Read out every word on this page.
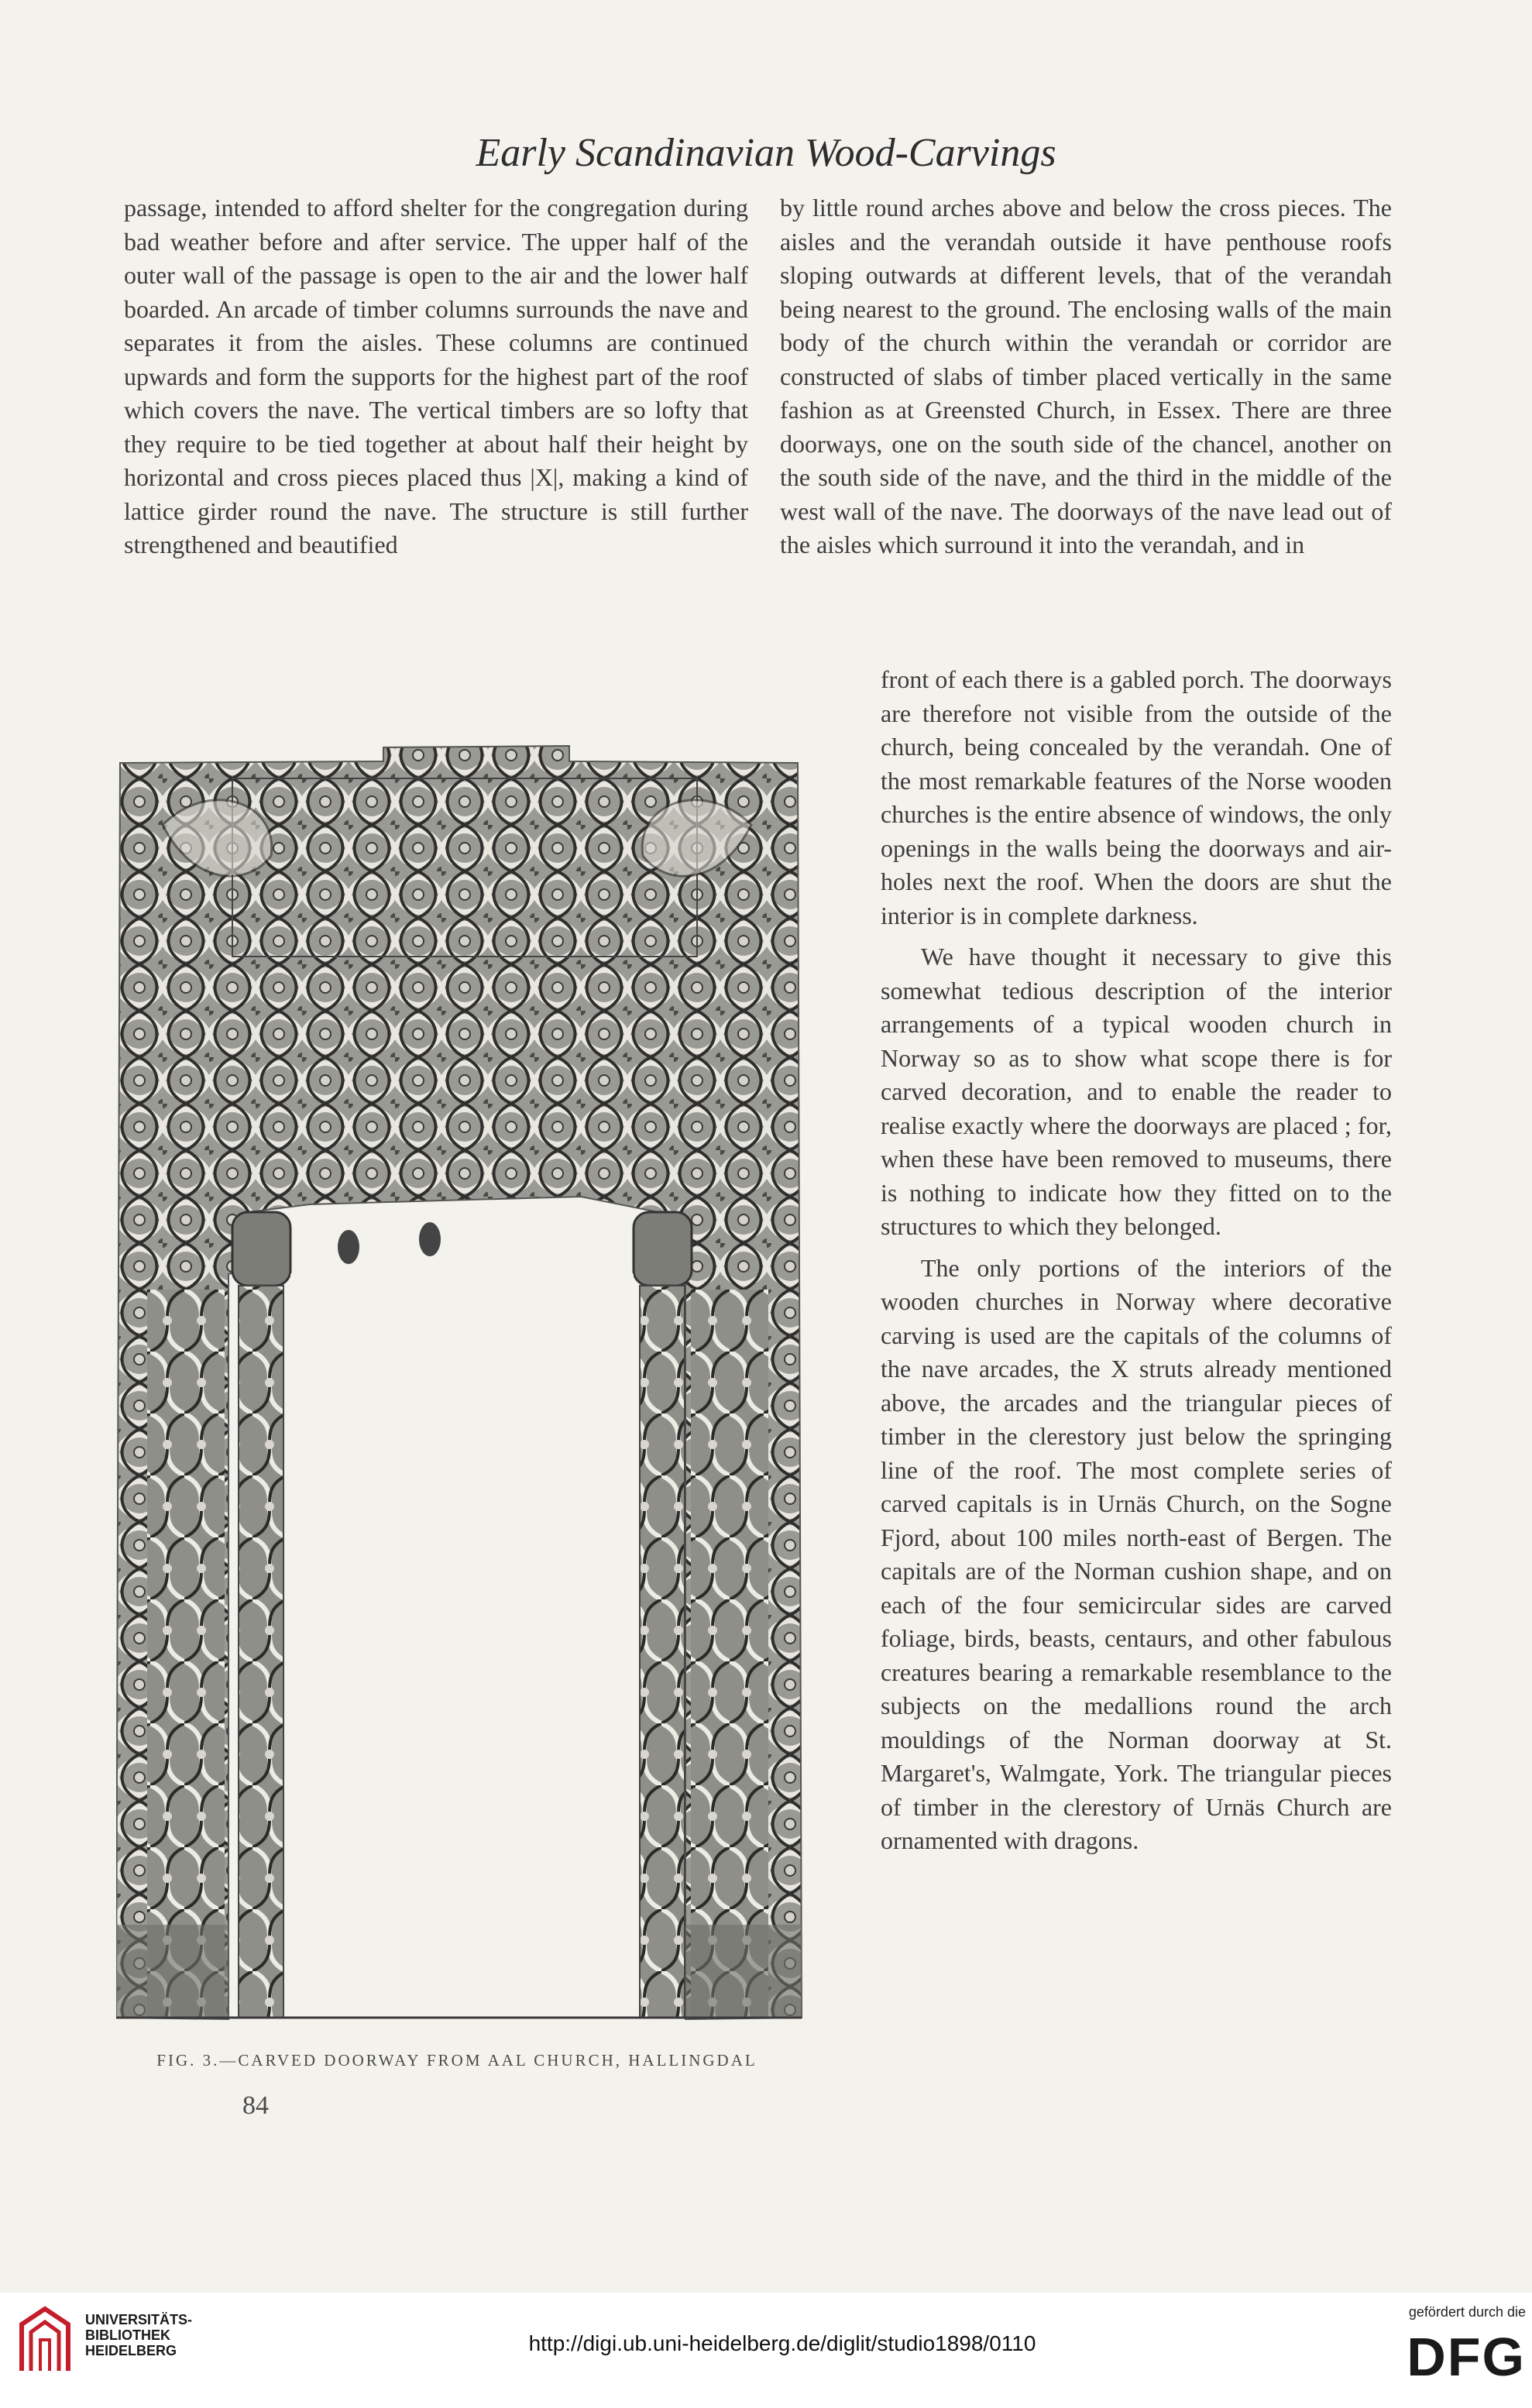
Early Scandinavian Wood-Carvings

passage, intended to afford shelter for the congregation during bad weather before and after service. The upper half of the outer wall of the passage is open to the air and the lower half boarded. An arcade of timber columns surrounds the nave and separates it from the aisles. These columns are continued upwards and form the supports for the highest part of the roof which covers the nave. The vertical timbers are so lofty that they require to be tied together at about half their height by horizontal and cross pieces placed thus |X|, making a kind of lattice girder round the nave. The structure is still further strengthened and beautified

by little round arches above and below the cross pieces. The aisles and the verandah outside it have penthouse roofs sloping outwards at different levels, that of the verandah being nearest to the ground. The enclosing walls of the main body of the church within the verandah or corridor are constructed of slabs of timber placed vertically in the same fashion as at Greensted Church, in Essex. There are three doorways, one on the south side of the chancel, another on the south side of the nave, and the third in the middle of the west wall of the nave. The doorways of the nave lead out of the aisles which surround it into the verandah, and in

front of each there is a gabled porch. The doorways are therefore not visible from the outside of the church, being concealed by the verandah. One of the most remarkable features of the Norse wooden churches is the entire absence of windows, the only openings in the walls being the doorways and air-holes next the roof. When the doors are shut the interior is in complete darkness.

We have thought it necessary to give this somewhat tedious description of the interior arrangements of a typical wooden church in Norway so as to show what scope there is for carved decoration, and to enable the reader to realise exactly where the doorways are placed ; for, when these have been removed to museums, there is nothing to indicate how they fitted on to the structures to which they belonged.

The only portions of the interiors of the wooden churches in Norway where decorative carving is used are the capitals of the columns of the nave arcades, the X struts already mentioned above, the arcades and the triangular pieces of timber in the clerestory just below the springing line of the roof. The most complete series of carved capitals is in Urnäs Church, on the Sogne Fjord, about 100 miles north-east of Bergen. The capitals are of the Norman cushion shape, and on each of the four semicircular sides are carved foliage, birds, beasts, centaurs, and other fabulous creatures bearing a remarkable resemblance to the subjects on the medallions round the arch mouldings of the Norman doorway at St. Margaret's, Walmgate, York. The triangular pieces of timber in the clerestory of Urnäs Church are ornamented with dragons.

FIG. 3.—CARVED DOORWAY FROM AAL CHURCH, HALLINGDAL
84
UNIVERSITÄTS-
BIBLIOTHEK
HEIDELBERG	http://digi.ub.uni-heidelberg.de/diglit/studio1898/0110
gefördert durch die
DFG
